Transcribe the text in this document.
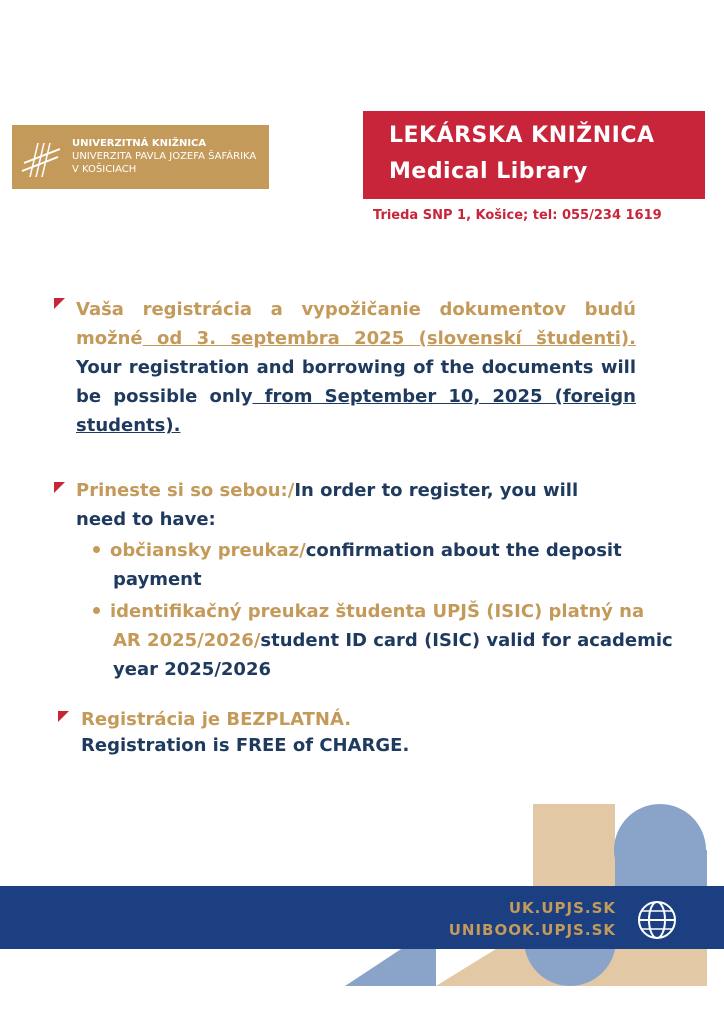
UNIVERZITNÁ KNIŽNICA
UNIVERZITA PAVLA JOZEFA ŠAFÁRIKA
V KOŠICIACH
LEKÁRSKA KNIŽNICA
Medical Library
Trieda SNP 1, Košice; tel: 055/234 1619
Vaša registrácia a vypožičanie dokumentov budú možné od 3. septembra 2025 (slovenskí študenti). Your registration and borrowing of the documents will be possible only from September 10, 2025 (foreign students).
Prineste si so sebou:/In order to register, you will need to have:
občiansky preukaz/confirmation about the deposit payment
identifikačný preukaz študenta UPJŠ (ISIC) platný na AR 2025/2026/student ID card (ISIC) valid for academic year 2025/2026
Registrácia je BEZPLATNÁ.
Registration is FREE of CHARGE.
UK.UPJS.SK
UNIBOOK.UPJS.SK
